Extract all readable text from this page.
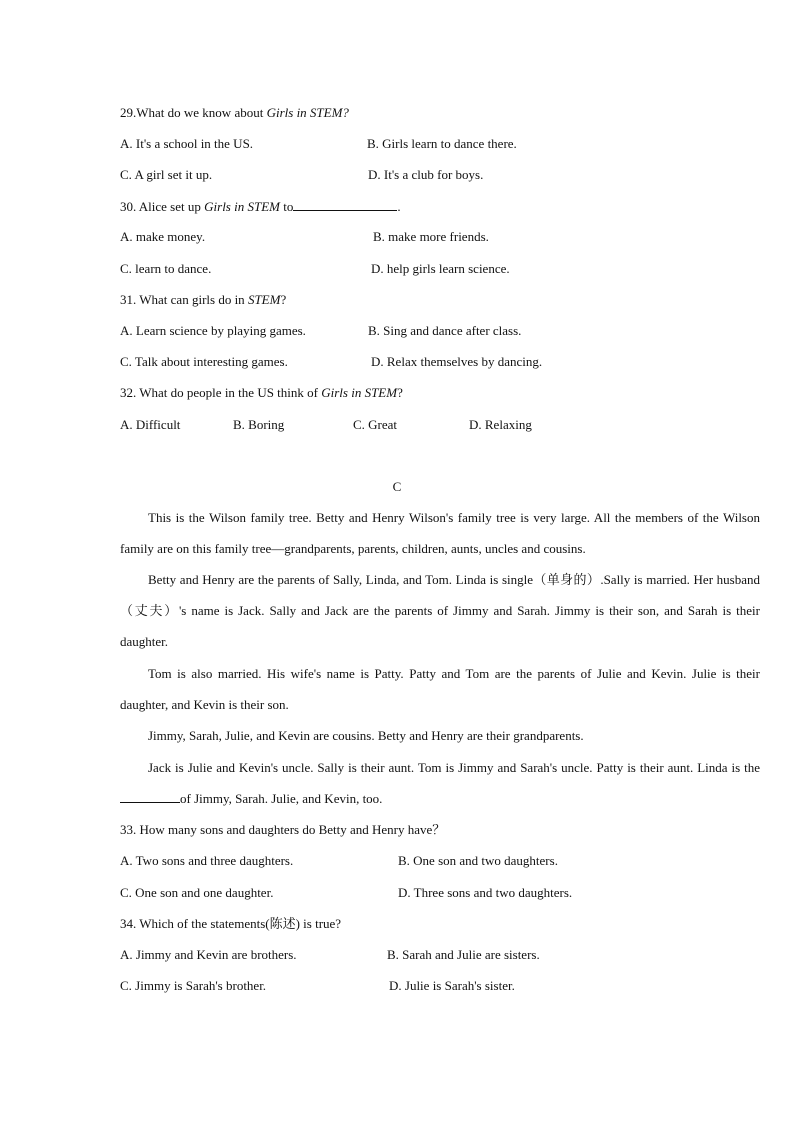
29.What do we know about Girls in STEM?
A. It's a school in the US.	B. Girls learn to dance there.
C. A girl set it up.	D. It's a club for boys.
30. Alice set up Girls in STEM to	.
A. make money.	B. make more friends.
C. learn to dance.	D. help girls learn science.
31. What can girls do in STEM?
A. Learn science by playing games.	B. Sing and dance after class.
C. Talk about interesting games.	D. Relax themselves by dancing.
32. What do people in the US think of Girls in STEM?
A. Difficult	B. Boring	C. Great	D. Relaxing
C
This is the Wilson family tree. Betty and Henry Wilson's family tree is very large. All the members of the Wilson family are on this family tree—grandparents, parents, children, aunts, uncles and cousins.
Betty and Henry are the parents of Sally, Linda, and Tom. Linda is single（单身的）.Sally is married. Her husband（丈夫）'s name is Jack. Sally and Jack are the parents of Jimmy and Sarah. Jimmy is their son, and Sarah is their daughter.
Tom is also married. His wife's name is Patty. Patty and Tom are the parents of Julie and Kevin. Julie is their daughter, and Kevin is their son.
Jimmy, Sarah, Julie, and Kevin are cousins. Betty and Henry are their grandparents.
Jack is Julie and Kevin's uncle. Sally is their aunt. Tom is Jimmy and Sarah's uncle. Patty is their aunt. Linda is theof Jimmy, Sarah. Julie, and Kevin, too.
33. How many sons and daughters do Betty and Henry have？
A. Two sons and three daughters.	B. One son and two daughters.
C. One son and one daughter.	D. Three sons and two daughters.
34. Which of the statements(陈述) is true?
A. Jimmy and Kevin are brothers.	B. Sarah and Julie are sisters.
C. Jimmy is Sarah's brother.	D. Julie is Sarah's sister.
